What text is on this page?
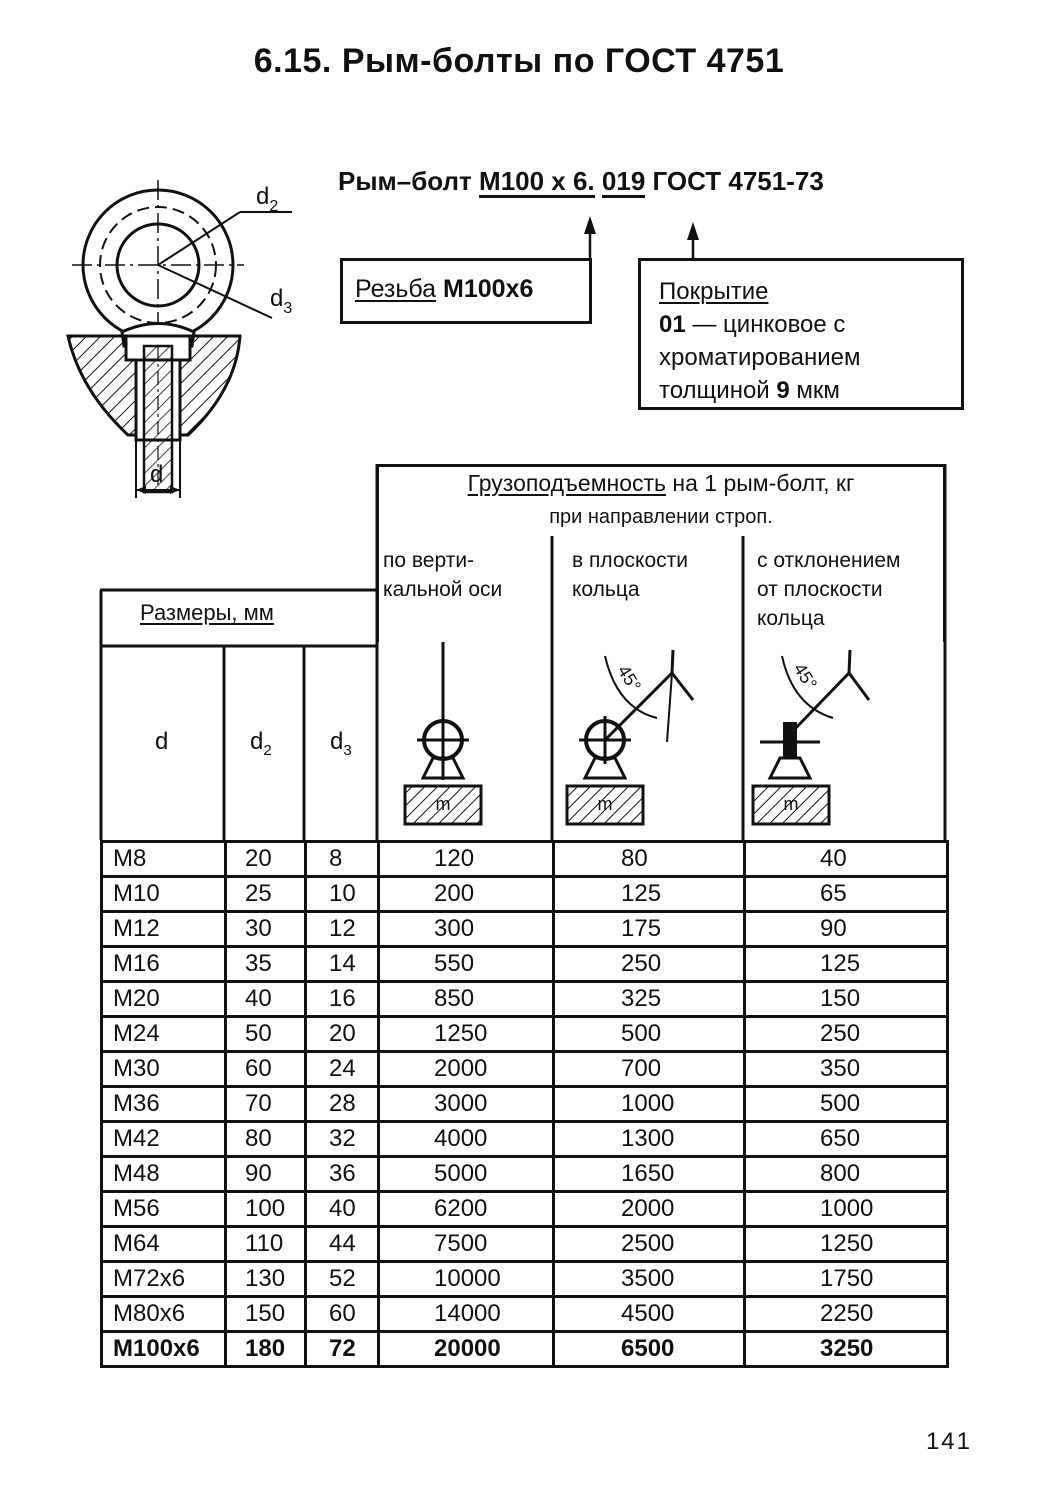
6.15. Рым-болты по ГОСТ 4751
Рым–болт М100 х 6. 019 ГОСТ 4751-73
Резьба М100х6	Покрытие
01 — цинковое с
хроматированием
толщиной 9 мкм
$d_2$
$d_3$
d	Грузоподъемность на 1 рым-болт, кг
при направлении строп.
по верти-
кальной оси
в плоскости
кольца
с отклонением
от плоскости
кольца
Размеры, мм
d	$d_2$ $d_3$
m
45°
m
45°
m
М8	20	8	120	80	40
М10	25	10	200	125	65
М12	30	12	300	175	90
М16	35	14	550	250	125
М20	40	16	850	325	150
М24	50	20	1250	500	250
М30	60	24	2000	700	350
М36	70	28	3000	1000	500
М42	80	32	4000	1300	650
М48	90	36	5000	1650	800
М56	100	40	6200	2000	1000
М64	110	44	7500	2500	1250
М72х6	130	52	10000	3500	1750
М80х6	150	60	14000	4500	2250
М100х6	180	72	20000	6500	3250
141
